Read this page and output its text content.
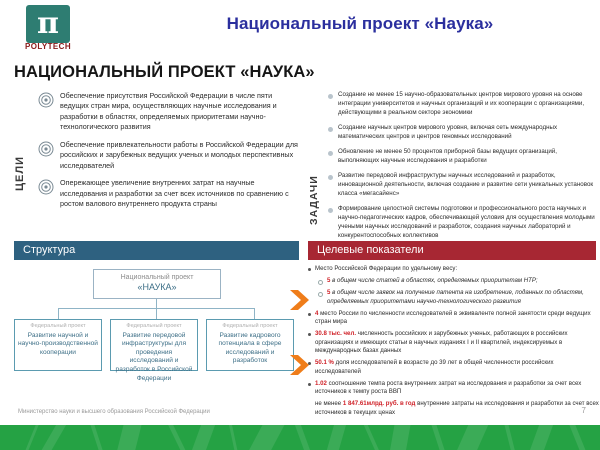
π
POLYTECH
Национальный проект «Наука»
НАЦИОНАЛЬНЫЙ ПРОЕКТ «НАУКА»
ЦЕЛИ
Обеспечение присутствия Российской Федерации в числе пяти ведущих стран мира, осуществляющих научные исследования и разработки в областях, определяемых приоритетами научно-технологического развития
Обеспечение привлекательности работы в Российской Федерации для российских и зарубежных ведущих ученых и молодых перспективных исследователей
Опережающее увеличение внутренних затрат на научные исследования и разработки за счет всех источников по сравнению с ростом валового внутреннего продукта страны	ЗАДАЧИ
Создание не менее 15 научно-образовательных центров мирового уровня на основе интеграции университетов и научных организаций и их кооперации с организациями, действующими в реальном секторе экономики
Создание научных центров мирового уровня, включая сеть международных математических центров и центров геномных исследований
Обновление не менее 50 процентов приборной базы ведущих организаций, выполняющих научные исследования и разработки
Развитие передовой инфраструктуры научных исследований и разработок, инновационной деятельности, включая создание и развитие сети уникальных установок класса «мегасайенс»
Формирование целостной системы подготовки и профессионального роста научных и научно-педагогических кадров, обеспечивающей условия для осуществления молодыми учеными научных исследований и разработок, создания научных лабораторий и конкурентоспособных коллективов
Структура	Целевые показатели
Национальный проект
«НАУКА»
Федеральный проект
Развитие научной и научно-производственной кооперации
Федеральный проект
Развитие передовой инфраструктуры для проведения исследований и разработок в Российской Федерации
Федеральный проект
Развитие кадрового потенциала в сфере исследований и разработок
Место Российской Федерации по удельному весу:
5 в общем числе статей в областях, определяемых приоритетам НТР;
5 в общем числе заявок на получение патента на изобретение, поданных по областям, определяемых приоритетами научно-технологического развития
4 место России по численности исследователей в эквиваленте полной занятости среди ведущих стран мира
30.8 тыс. чел. численность российских и зарубежных ученых, работающих в российских организациях и имеющих статьи в научных изданиях I и II квартилей, индексируемых в международных базах данных
50.1 % доля исследователей в возрасте до 39 лет в общей численности российских исследователей
1.02 соотношение темпа роста внутренних затрат на исследования и разработки за счет всех источников к темпу роста ВВП
не менее 1 847.61млрд. руб. в год внутренние затраты на исследования и разработки за счет всех источников в текущих ценах
Министерство науки и высшего образования Российской Федерации	7
